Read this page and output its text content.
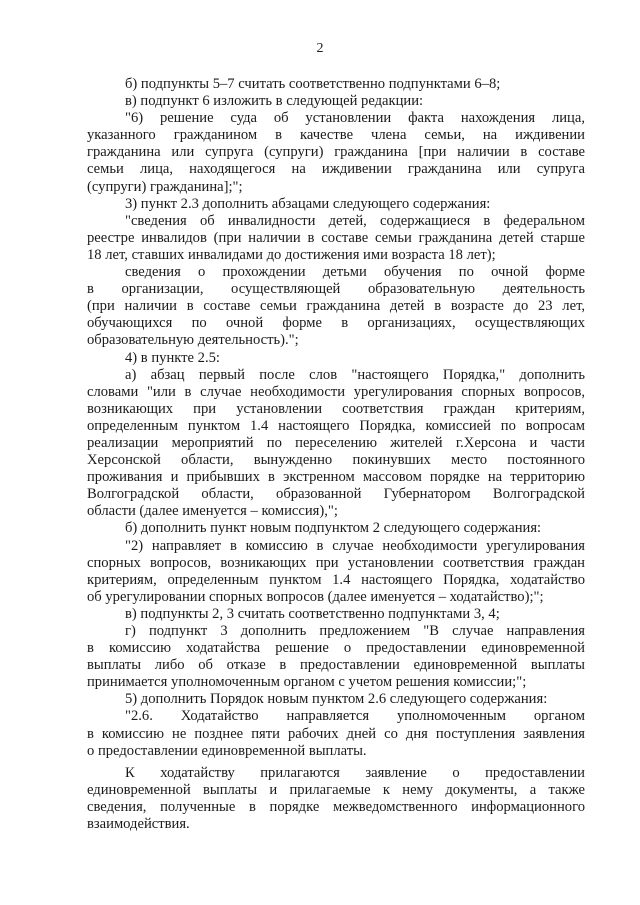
2
б) подпункты 5–7 считать соответственно подпунктами 6–8;
в) подпункт 6 изложить в следующей редакции:
"6) решение суда об установлении факта нахождения лица,
указанного гражданином в качестве члена семьи, на иждивении
гражданина или супруга (супруги) гражданина [при наличии в составе
семьи лица, находящегося на иждивении гражданина или супруга
(супруги) гражданина];";
3) пункт 2.3 дополнить абзацами следующего содержания:
"сведения об инвалидности детей, содержащиеся в федеральном
реестре инвалидов (при наличии в составе семьи гражданина детей старше
18 лет, ставших инвалидами до достижения ими возраста 18 лет);
сведения о прохождении детьми обучения по очной форме
в организации, осуществляющей образовательную деятельность
(при наличии в составе семьи гражданина детей в возрасте до 23 лет,
обучающихся по очной форме в организациях, осуществляющих
образовательную деятельность).";
4) в пункте 2.5:
а) абзац первый после слов "настоящего Порядка," дополнить
словами "или в случае необходимости урегулирования спорных вопросов,
возникающих при установлении соответствия граждан критериям,
определенным пунктом 1.4 настоящего Порядка, комиссией по вопросам
реализации мероприятий по переселению жителей г.Херсона и части
Херсонской области, вынужденно покинувших место постоянного
проживания и прибывших в экстренном массовом порядке на территорию
Волгоградской области, образованной Губернатором Волгоградской
области (далее именуется – комиссия),";
б) дополнить пункт новым подпунктом 2 следующего содержания:
"2) направляет в комиссию в случае необходимости урегулирования
спорных вопросов, возникающих при установлении соответствия граждан
критериям, определенным пунктом 1.4 настоящего Порядка, ходатайство
об урегулировании спорных вопросов (далее именуется – ходатайство);";
в) подпункты 2, 3 считать соответственно подпунктами 3, 4;
г) подпункт 3 дополнить предложением "В случае направления
в комиссию ходатайства решение о предоставлении единовременной
выплаты либо об отказе в предоставлении единовременной выплаты
принимается уполномоченным органом с учетом решения комиссии;";
5) дополнить Порядок новым пунктом 2.6 следующего содержания:
"2.6. Ходатайство направляется уполномоченным органом
в комиссию не позднее пяти рабочих дней со дня поступления заявления
о предоставлении единовременной выплаты.
К ходатайству прилагаются заявление о предоставлении
единовременной выплаты и прилагаемые к нему документы, а также
сведения, полученные в порядке межведомственного информационного
взаимодействия.
